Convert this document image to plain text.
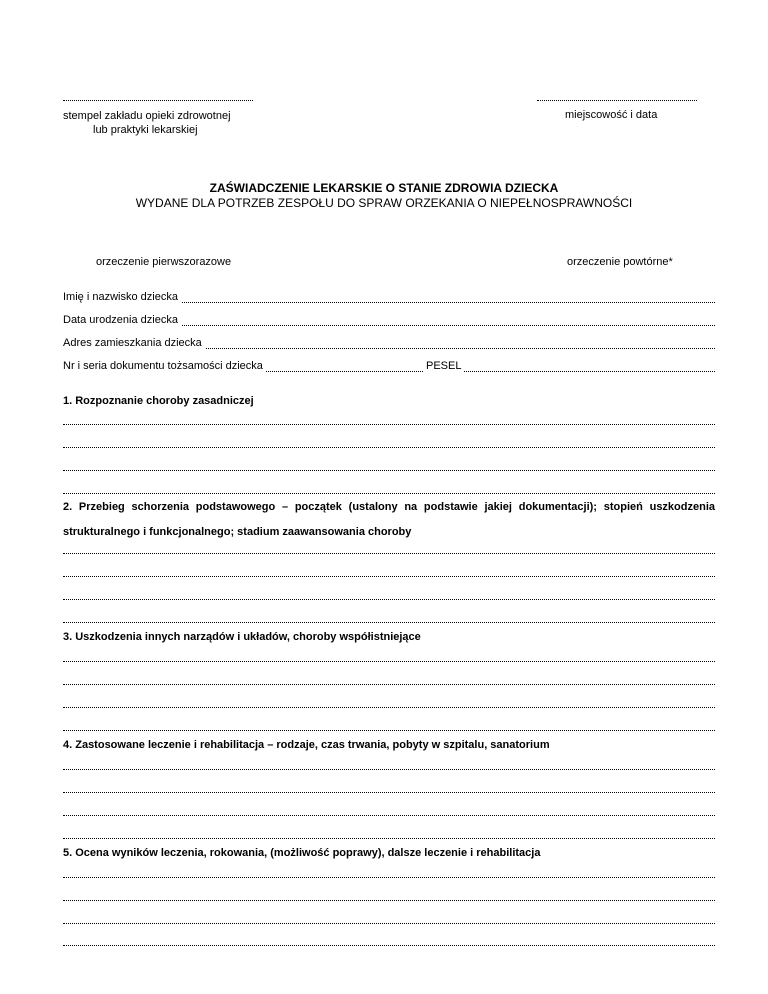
stempel zakładu opieki zdrowotnej
lub praktyki lekarskiej
miejscowość i data
ZAŚWIADCZENIE LEKARSKIE O STANIE ZDROWIA DZIECKA
WYDANE DLA POTRZEB ZESPOŁU DO SPRAW ORZEKANIA O NIEPEŁNOSPRAWNOŚCI
orzeczenie pierwszorazowe	orzeczenie powtórne*
Imię i nazwisko dziecka
Data urodzenia dziecka
Adres zamieszkania dziecka
Nr i seria dokumentu tożsamości dziecka	PESEL
1. Rozpoznanie choroby zasadniczej
2. Przebieg schorzenia podstawowego – początek (ustalony na podstawie jakiej dokumentacji); stopień uszkodzenia strukturalnego i funkcjonalnego; stadium zaawansowania choroby
3. Uszkodzenia innych narządów i układów, choroby współistniejące
4. Zastosowane leczenie i rehabilitacja – rodzaje, czas trwania, pobyty w szpitalu, sanatorium
5. Ocena wyników leczenia, rokowania, (możliwość poprawy), dalsze leczenie i rehabilitacja
